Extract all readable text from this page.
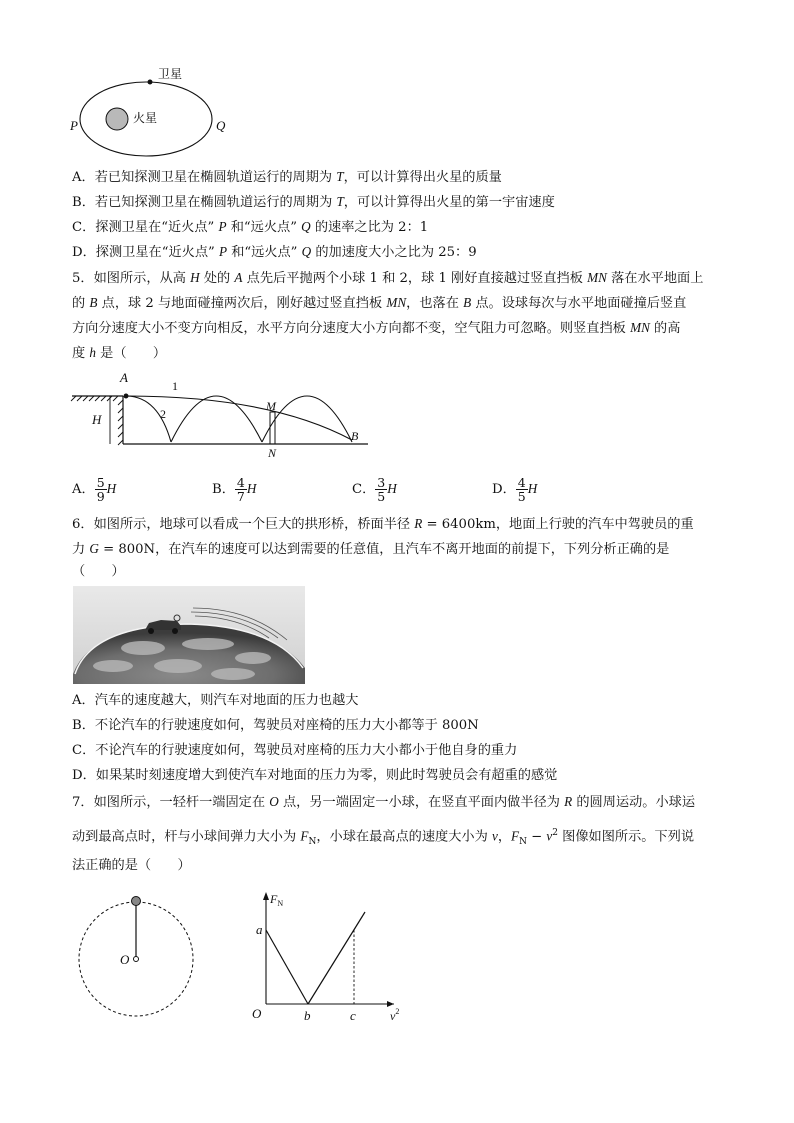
卫星
火星
P	Q
A．若已知探测卫星在椭圆轨道运行的周期为 T，可以计算得出火星的质量
B．若已知探测卫星在椭圆轨道运行的周期为 T，可以计算得出火星的第一宇宙速度
C．探测卫星在“近火点” P 和“远火点” Q 的速率之比为 2：1
D．探测卫星在“近火点” P 和“远火点” Q 的加速度大小之比为 25：9
5．如图所示，从高 H 处的 A 点先后平抛两个小球 1 和 2，球 1 刚好直接越过竖直挡板 MN 落在水平地面上
的 B 点，球 2 与地面碰撞两次后，刚好越过竖直挡板 MN，也落在 B 点。设球每次与水平地面碰撞后竖直
方向分速度大小不变方向相反，水平方向分速度大小方向都不变，空气阻力可忽略。则竖直挡板 MN 的高
度 h 是（　　）
H
A
1
2
M
N
B
A． $\frac{5}{9}$ H	B． $\frac{4}{7}$ H	C． $\frac{3}{5}$ H	D． $\frac{4}{5}$ H
6．如图所示，地球可以看成一个巨大的拱形桥，桥面半径 R = 6400km，地面上行驶的汽车中驾驶员的重
力 G = 800N，在汽车的速度可以达到需要的任意值，且汽车不离开地面的前提下，下列分析正确的是
（　　）
A．汽车的速度越大，则汽车对地面的压力也越大
B．不论汽车的行驶速度如何，驾驶员对座椅的压力大小都等于 800N
C．不论汽车的行驶速度如何，驾驶员对座椅的压力大小都小于他自身的重力
D．如果某时刻速度增大到使汽车对地面的压力为零，则此时驾驶员会有超重的感觉
7．如图所示，一轻杆一端固定在 O 点，另一端固定一小球，在竖直平面内做半径为 R 的圆周运动。小球运
动到最高点时，杆与小球间弹力大小为 $F_N$，小球在最高点的速度大小为 v，$F_N - v^2$ 图像如图所示。下列说
法正确的是（　　）
O
$F_N$
a
O	b	c	$v^2$
